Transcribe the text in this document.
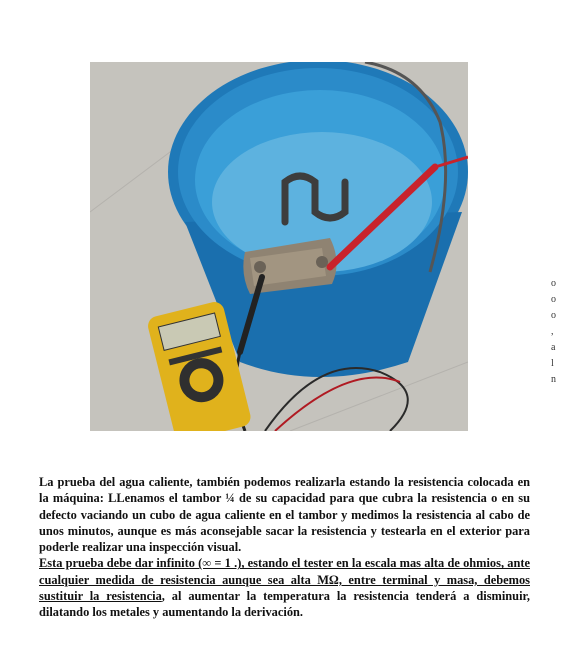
o
o
o
,
a
l
n

La prueba del agua caliente, también podemos realizarla estando la resistencia colocada en la máquina: LLenamos el tambor ¼ de su capacidad para que cubra la resistencia o en su defecto vaciando un cubo de agua caliente en el tambor y medimos la resistencia al cabo de unos minutos, aunque es más aconsejable sacar la resistencia y testearla en el exterior para poderle realizar una inspección visual.

Esta prueba debe dar infinito (∞ = 1 .), estando el tester en la escala mas alta de ohmios, ante cualquier medida de resistencia aunque sea alta MΩ, entre terminal y masa, debemos sustituir la resistencia, al aumentar la temperatura la resistencia tenderá a disminuir, dilatando los metales y aumentando la derivación.
